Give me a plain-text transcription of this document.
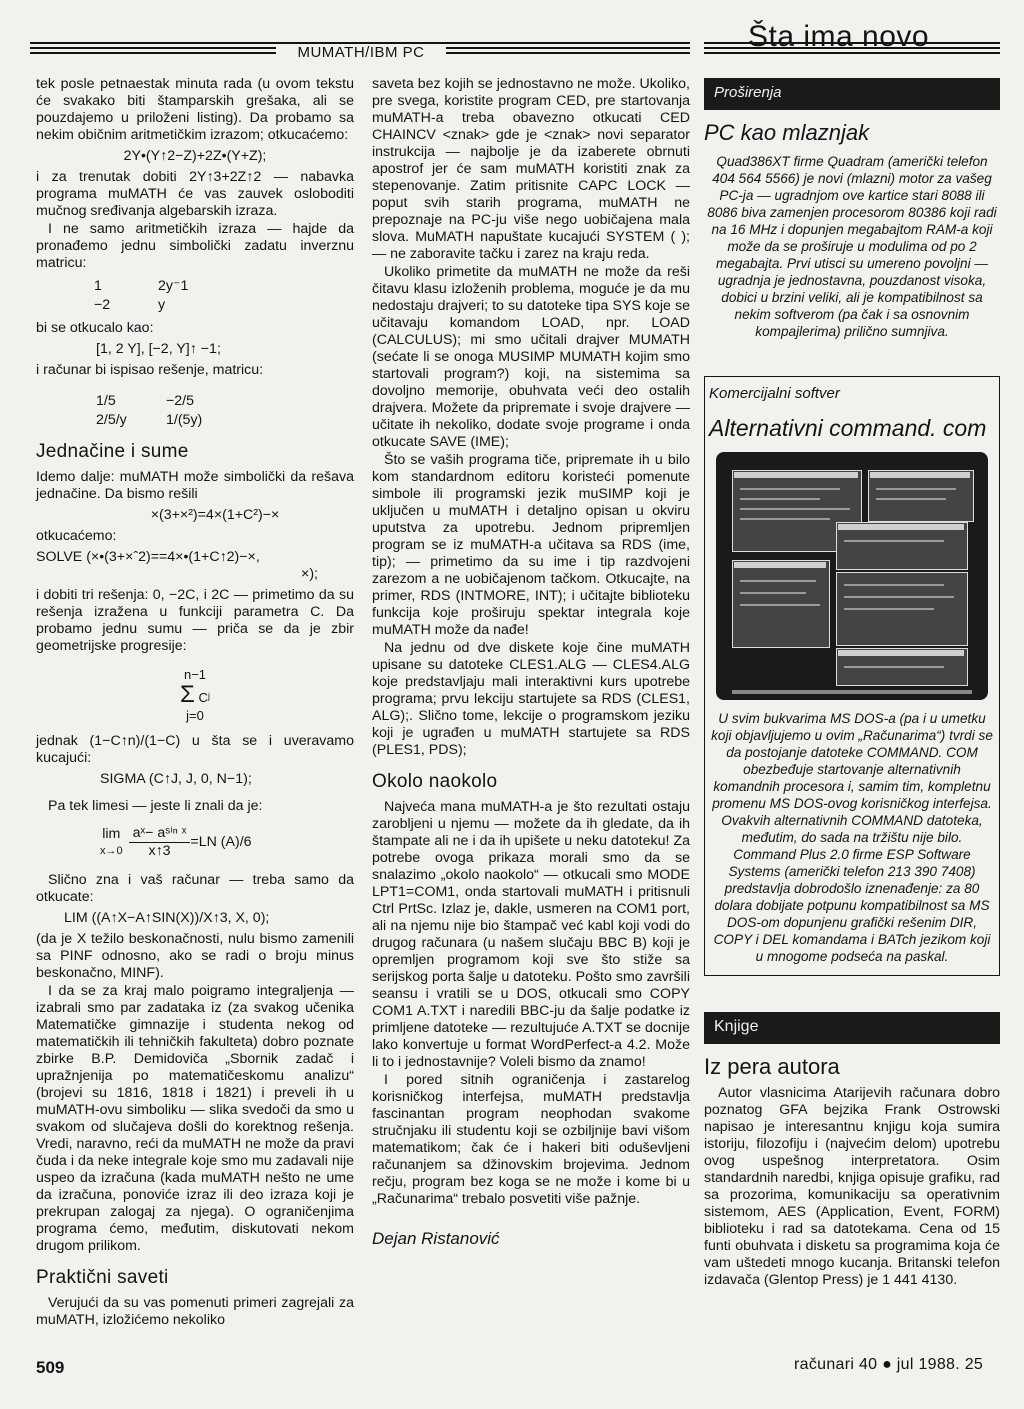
MUMATH/IBM PC	Šta ima novo

tek posle petnaestak minuta rada (u ovom tekstu će svakako biti štamparskih grešaka, ali se pouzdajemo u priloženi listing). Da probamo sa nekim običnim aritmetičkim izrazom; otkucaćemo:

2Y•(Y↑2−Z)+2Z•(Y+Z);

i za trenutak dobiti 2Y↑3+2Z↑2 — nabavka programa muMATH će vas zauvek osloboditi mučnog sređivanja algebarskih izraza.

I ne samo aritmetičkih izraza — hajde da pronađemo jednu simbolički zadatu inverznu matricu:

1	2y⁻1
−2	y

bi se otkucalo kao:

[1, 2 Y], [−2, Y]↑ −1;

i računar bi ispisao rešenje, matricu:

1/5	−2/5
2/5/y	1/(5y)
Jednačine i sume

Idemo dalje: muMATH može simbolički da rešava jednačine. Da bismo rešili

×(3+×²)=4×(1+C²)−×

otkucaćemo:

SOLVE (×•(3+×ˆ2)==4×•(1+C↑2)−×,
×);

i dobiti tri rešenja: 0, −2C, i 2C — primetimo da su rešenja izražena u funkciji parametra C. Da probamo jednu sumu — priča se da je zbir geometrijske progresije:

n−1
Σ Cʲ
j=0

jednak (1−C↑n)/(1−C) u šta se i uveravamo kucajući:

SIGMA (C↑J, J, 0, N−1);

Pa tek limesi — jeste li znali da je:

lim
$x\to 0 \frac{\text{aˣ− aˢⁱⁿ ˣ}}{x↑3} =LN$ (A)/6

Slično zna i vaš računar — treba samo da otkucate:

LIM ((A↑X−A↑SIN(X))/X↑3, X, 0);

(da je X težilo beskonačnosti, nulu bismo zamenili sa PINF odnosno, ako se radi o broju minus beskonačno, MINF).

I da se za kraj malo poigramo integraljenja — izabrali smo par zadataka iz (za svakog učenika Matematičke gimnazije i studenta nekog od matematičkih ili tehničkih fakulteta) dobro poznate zbirke B.P. Demidoviča „Sbornik zadač i upražnjenija po matematičeskomu analizu“ (brojevi su 1816, 1818 i 1821) i preveli ih u muMATH-ovu simboliku — slika svedoči da smo u svakom od slučajeva došli do korektnog rešenja. Vredi, naravno, reći da muMATH ne može da pravi čuda i da neke integrale koje smo mu zadavali nije uspeo da izračuna (kada muMATH nešto ne ume da izračuna, ponoviće izraz ili deo izraza koji je prekrupan zalogaj za njega). O ograničenjima programa ćemo, međutim, diskutovati nekom drugom prilikom.

Praktični saveti

Verujući da su vas pomenuti primeri zagrejali za muMATH, izložićemo nekoliko

saveta bez kojih se jednostavno ne može. Ukoliko, pre svega, koristite program CED, pre startovanja muMATH-a treba obavezno otkucati CED CHAINCV <znak> gde je <znak> novi separator instrukcija — najbolje je da izaberete obrnuti apostrof jer će sam muMATH koristiti znak za stepenovanje. Zatim pritisnite CAPC LOCK — poput svih starih programa, muMATH ne prepoznaje na PC-ju više nego uobičajena mala slova. MuMATH napuštate kucajući SYSTEM ( ); — ne zaboravite tačku i zarez na kraju reda.

Ukoliko primetite da muMATH ne može da reši čitavu klasu izloženih problema, moguće je da mu nedostaju drajveri; to su datoteke tipa SYS koje se učitavaju komandom LOAD, npr. LOAD (CALCULUS); mi smo učitali drajver MUMATH (sećate li se onoga MUSIMP MUMATH kojim smo startovali program?) koji, na sistemima sa dovoljno memorije, obuhvata veći deo ostalih drajvera. Možete da pripremate i svoje drajvere — učitate ih nekoliko, dodate svoje programe i onda otkucate SAVE (IME);

Što se vaših programa tiče, pripremate ih u bilo kom standardnom editoru koristeći pomenute simbole ili programski jezik muSIMP koji je uključen u muMATH i detaljno opisan u okviru uputstva za upotrebu. Jednom pripremljen program se iz muMATH-a učitava sa RDS (ime, tip); — primetimo da su ime i tip razdvojeni zarezom a ne uobičajenom tačkom. Otkucajte, na primer, RDS (INTMORE, INT); i učitajte biblioteku funkcija koje proširuju spektar integrala koje muMATH može da nađe!

Na jednu od dve diskete koje čine muMATH upisane su datoteke CLES1.ALG — CLES4.ALG koje predstavljaju mali interaktivni kurs upotrebe programa; prvu lekciju startujete sa RDS (CLES1, ALG);. Slično tome, lekcije o programskom jeziku koji je ugrađen u muMATH startujete sa RDS (PLES1, PDS);

Okolo naokolo

Najveća mana muMATH-a je što rezultati ostaju zarobljeni u njemu — možete da ih gledate, da ih štampate ali ne i da ih upišete u neku datoteku! Za potrebe ovoga prikaza morali smo da se snalazimo „okolo naokolo“ — otkucali smo MODE LPT1=COM1, onda startovali muMATH i pritisnuli Ctrl PrtSc. Izlaz je, dakle, usmeren na COM1 port, ali na njemu nije bio štampač već kabl koji vodi do drugog računara (u našem slučaju BBC B) koji je opremljen programom koji sve što stiže sa serijskog porta šalje u datoteku. Pošto smo završili seansu i vratili se u DOS, otkucali smo COPY COM1 A.TXT i naredili BBC-ju da šalje podatke iz primljene datoteke — rezultujuće A.TXT se docnije lako konvertuje u format WordPerfect-a 4.2. Može li to i jednostavnije? Voleli bismo da znamo!

I pored sitnih ograničenja i zastarelog korisničkog interfejsa, muMATH predstavlja fascinantan program neophodan svakome stručnjaku ili studentu koji se ozbiljnije bavi višom matematikom; čak će i hakeri biti oduševljeni računanjem sa džinovskim brojevima. Jednom rečju, program bez koga se ne može i kome bi u „Računarima“ trebalo posvetiti više pažnje.

Dejan Ristanović
Proširenja

PC kao mlaznjak

Quad386XT firme Quadram (američki telefon 404 564 5566) je novi (mlazni) motor za vašeg PC-ja — ugradnjom ove kartice stari 8088 ili 8086 biva zamenjen procesorom 80386 koji radi na 16 MHz i dopunjen megabajtom RAM-a koji može da se proširuje u modulima od po 2 megabajta. Prvi utisci su umereno povoljni — ugradnja je jednostavna, pouzdanost visoka, dobici u brzini veliki, ali je kompatibilnost sa nekim softverom (pa čak i sa osnovnim kompajlerima) prilično sumnjiva.

Komercijalni softver

Alternativni command. com

U svim bukvarima MS DOS-a (pa i u umetku koji objavljujemo u ovim „Računarima“) tvrdi se da postojanje datoteke COMMAND. COM obezbeđuje startovanje alternativnih komandnih procesora i, samim tim, kompletnu promenu MS DOS-ovog korisničkog interfejsa. Ovakvih alternativnih COMMAND datoteka, međutim, do sada na tržištu nije bilo. Command Plus 2.0 firme ESP Software Systems (američki telefon 213 390 7408) predstavlja dobrodošlo iznenađenje: za 80 dolara dobijate potpunu kompatibilnost sa MS DOS-om dopunjenu grafički rešenim DIR, COPY i DEL komandama i BATch jezikom koji u mnogome podseća na paskal.

Knjige

Iz pera autora

Autor vlasnicima Atarijevih računara dobro poznatog GFA bejzika Frank Ostrowski napisao je interesantnu knjigu koja sumira istoriju, filozofiju i (najvećim delom) upotrebu ovog uspešnog interpretatora. Osim standardnih naredbi, knjiga opisuje grafiku, rad sa prozorima, komunikaciju sa operativnim sistemom, AES (Application, Event, FORM) biblioteku i rad sa datotekama. Cena od 15 funti obuhvata i disketu sa programima koja će vam uštedeti mnogo kucanja. Britanski telefon izdavača (Glentop Press) je 1 441 4130.

509	računari 40 ● jul 1988. 25
